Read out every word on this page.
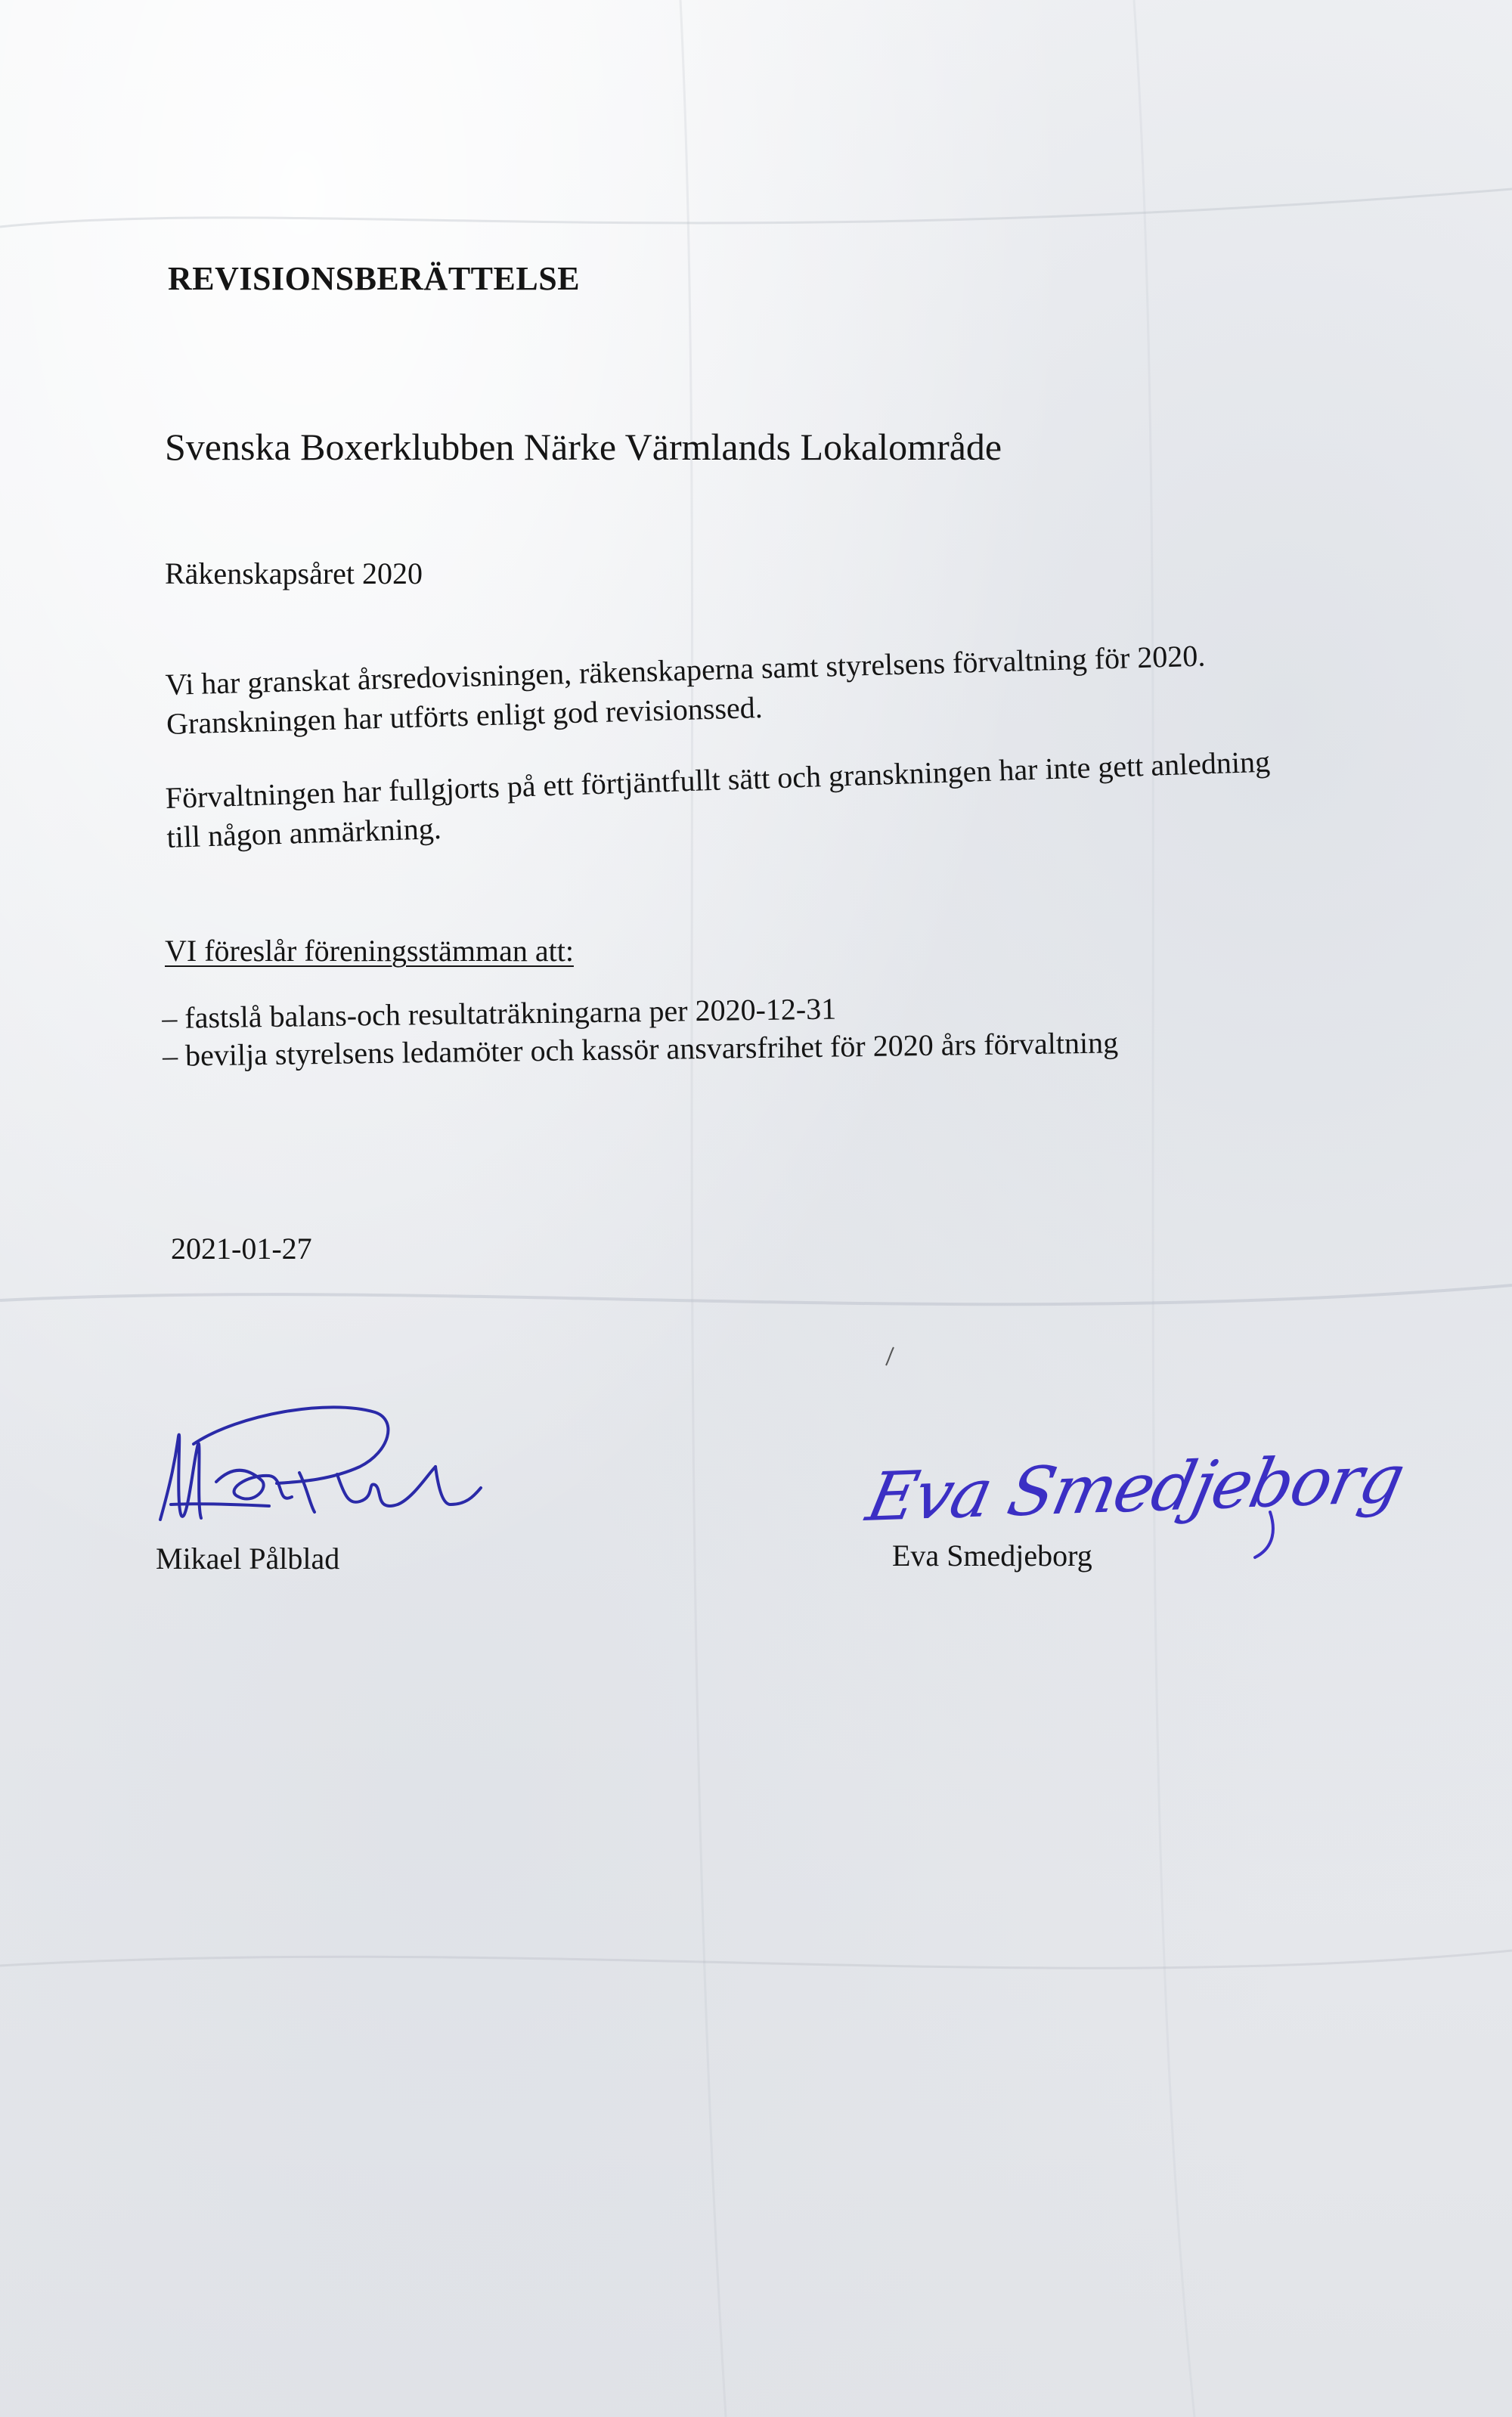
REVISIONSBERÄTTELSE
Svenska Boxerklubben Närke Värmlands Lokalområde
Räkenskapsåret 2020
Vi har granskat årsredovisningen, räkenskaperna samt styrelsens förvaltning för 2020.
Granskningen har utförts enligt god revisionssed.
Förvaltningen har fullgjorts på ett förtjäntfullt sätt och granskningen har inte gett anledning
till någon anmärkning.
VI föreslår föreningsstämman att:
– fastslå balans-och resultaträkningarna per 2020-12-31
– bevilja styrelsens ledamöter och kassör ansvarsfrihet för 2020 års förvaltning
2021-01-27
Mikael Pålblad
Eva Smedjeborg
Eva Smedjeborg
